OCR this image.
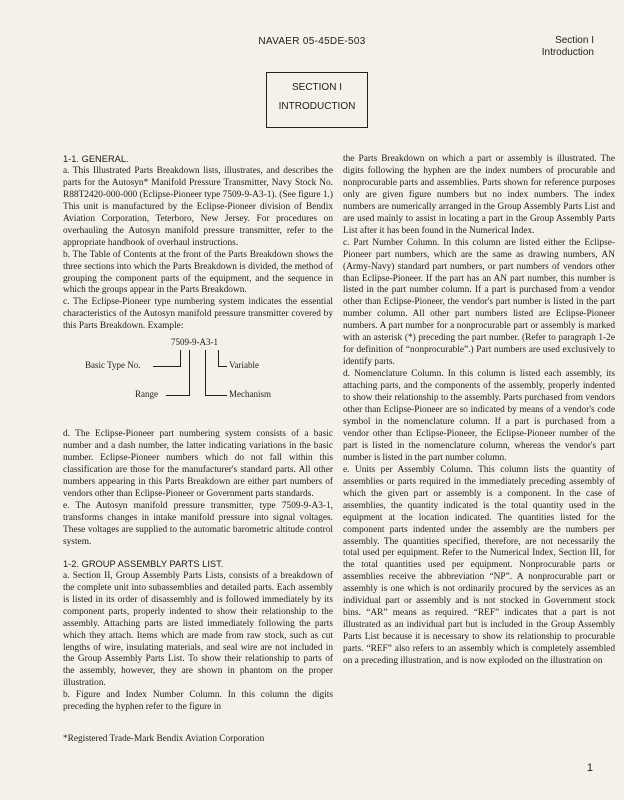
NAVAER 05-45DE-503	Section I
Introduction
SECTION I
INTRODUCTION

1-1. GENERAL.

a. This Illustrated Parts Breakdown lists, illustrates, and describes the parts for the Autosyn* Manifold Pressure Transmitter, Navy Stock No. R88T2420-000-000 (Eclipse-Pioneer type 7509-9-A3-1). (See figure 1.) This unit is manufactured by the Eclipse-Pioneer division of Bendix Aviation Corporation, Teterboro, New Jersey. For procedures on overhauling the Autosyn manifold pressure transmitter, refer to the appropriate handbook of overhaul instructions.

b. The Table of Contents at the front of the Parts Breakdown shows the three sections into which the Parts Breakdown is divided, the method of grouping the component parts of the equipment, and the sequence in which the groups appear in the Parts Breakdown.

c. The Eclipse-Pioneer type numbering system indicates the essential characteristics of the Autosyn manifold pressure transmitter covered by this Parts Breakdown. Example:

7509-9-A3-1
Basic Type No.	Variable
Range	Mechanism

d. The Eclipse-Pioneer part numbering system consists of a basic number and a dash number, the latter indicating variations in the basic number. Eclipse-Pioneer numbers which do not fall within this classification are those for the manufacturer's standard parts. All other numbers appearing in this Parts Breakdown are either part numbers of vendors other than Eclipse-Pioneer or Government parts standards.

e. The Autosyn manifold pressure transmitter, type 7509-9-A3-1, transforms changes in intake manifold pressure into signal voltages. These voltages are supplied to the automatic barometric altitude control system.

1-2. GROUP ASSEMBLY PARTS LIST.

a. Section II, Group Assembly Parts Lists, consists of a breakdown of the complete unit into subassemblies and detailed parts. Each assembly is listed in its order of disassembly and is followed immediately by its component parts, properly indented to show their relationship to the assembly. Attaching parts are listed immediately following the parts which they attach. Items which are made from raw stock, such as cut lengths of wire, insulating materials, and seal wire are not included in the Group Assembly Parts List. To show their relationship to parts of the assembly, however, they are shown in phantom on the proper illustration.

b. Figure and Index Number Column. In this column the digits preceding the hyphen refer to the figure in

the Parts Breakdown on which a part or assembly is illustrated. The digits following the hyphen are the index numbers of procurable and nonprocurable parts and assemblies. Parts shown for reference purposes only are given figure numbers but no index numbers. The index numbers are numerically arranged in the Group Assembly Parts List and are used mainly to assist in locating a part in the Group Assembly Parts List after it has been found in the Numerical Index.

c. Part Number Column. In this column are listed either the Eclipse-Pioneer part numbers, which are the same as drawing numbers, AN (Army-Navy) standard part numbers, or part numbers of vendors other than Eclipse-Pioneer. If the part has an AN part number, this number is listed in the part number column. If a part is purchased from a vendor other than Eclipse-Pioneer, the vendor's part number is listed in the part number column. All other part numbers listed are Eclipse-Pioneer numbers. A part number for a nonprocurable part or assembly is marked with an asterisk (*) preceding the part number. (Refer to paragraph 1-2e for definition of “nonprocurable”.) Part numbers are used exclusively to identify parts.

d. Nomenclature Column. In this column is listed each assembly, its attaching parts, and the components of the assembly, properly indented to show their relationship to the assembly. Parts purchased from vendors other than Eclipse-Pioneer are so indicated by means of a vendor's code symbol in the nomenclature column. If a part is purchased from a vendor other than Eclipse-Pioneer, the Eclipse-Pioneer number of the part is listed in the nomenclature column, whereas the vendor's part number is listed in the part number column.

e. Units per Assembly Column. This column lists the quantity of assemblies or parts required in the immediately preceding assembly of which the given part or assembly is a component. In the case of assemblies, the quantity indicated is the total quantity used in the equipment at the location indicated. The quantities listed for the component parts indented under the assembly are the numbers per assembly. The quantities specified, therefore, are not necessarily the total used per equipment. Refer to the Numerical Index, Section III, for the total quantities used per equipment. Nonprocurable parts or assemblies receive the abbreviation “NP”. A nonprocurable part or assembly is one which is not ordinarily procured by the services as an individual part or assembly and is not stocked in Government stock bins. “AR” means as required. “REF” indicates that a part is not illustrated as an individual part but is included in the Group Assembly Parts List because it is necessary to show its relationship to procurable parts. “REF” also refers to an assembly which is completely assembled on a preceding illustration, and is now exploded on the illustration on

*Registered Trade-Mark Bendix Aviation Corporation
1
